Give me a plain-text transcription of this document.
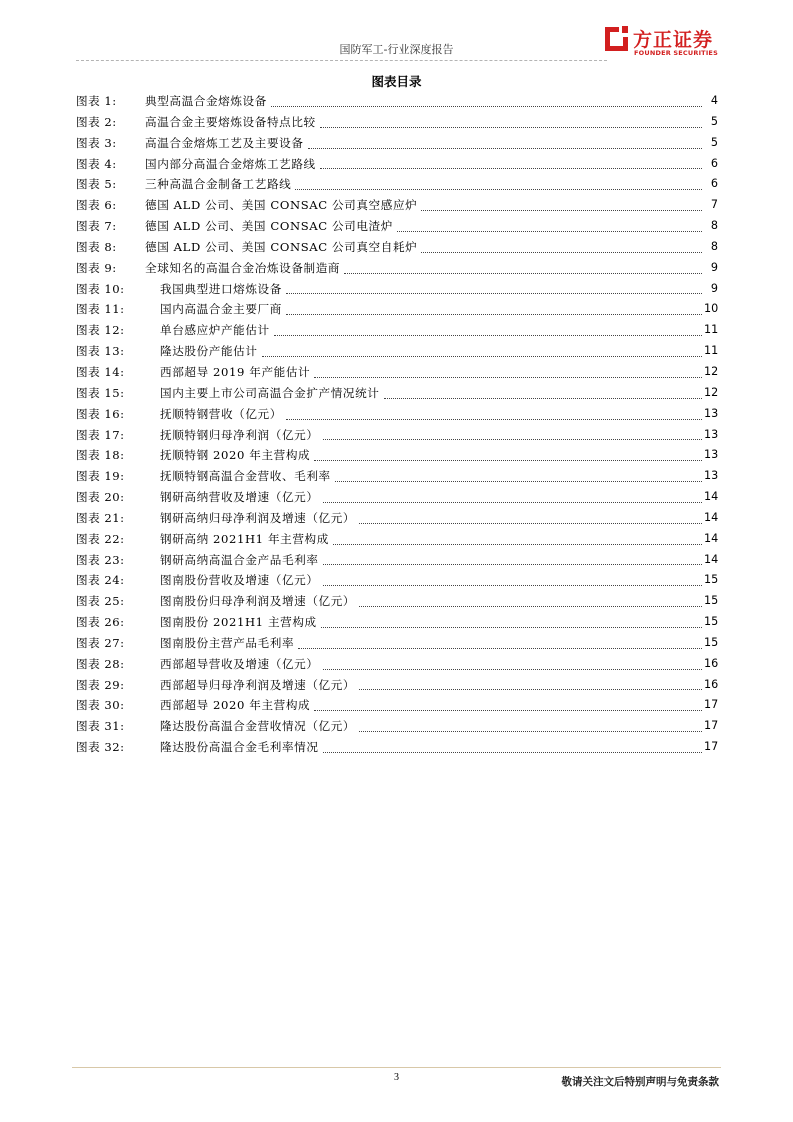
国防军工-行业深度报告	方正证券
FOUNDER SECURITIES
图表目录
图表 1: 典型高温合金熔炼设备	4
图表 2: 高温合金主要熔炼设备特点比较	5
图表 3: 高温合金熔炼工艺及主要设备	5
图表 4: 国内部分高温合金熔炼工艺路线	6
图表 5: 三种高温合金制备工艺路线	6
图表 6: 德国 ALD 公司、美国 CONSAC 公司真空感应炉	7
图表 7: 德国 ALD 公司、美国 CONSAC 公司电渣炉	8
图表 8: 德国 ALD 公司、美国 CONSAC 公司真空自耗炉	8
图表 9: 全球知名的高温合金冶炼设备制造商	9
图表 10:	我国典型进口熔炼设备	9
图表 11:	国内高温合金主要厂商	10
图表 12:	单台感应炉产能估计	11
图表 13:	隆达股份产能估计	11
图表 14:	西部超导 2019 年产能估计	12
图表 15:	国内主要上市公司高温合金扩产情况统计	12
图表 16:	抚顺特钢营收（亿元）	13
图表 17:	抚顺特钢归母净利润（亿元）	13
图表 18:	抚顺特钢 2020 年主营构成	13
图表 19:	抚顺特钢高温合金营收、毛利率	13
图表 20:	钢研高纳营收及增速（亿元）	14
图表 21:	钢研高纳归母净利润及增速（亿元）	14
图表 22:	钢研高纳 2021H1 年主营构成	14
图表 23:	钢研高纳高温合金产品毛利率	14
图表 24:	图南股份营收及增速（亿元）	15
图表 25:	图南股份归母净利润及增速（亿元）	15
图表 26:	图南股份 2021H1 主营构成	15
图表 27:	图南股份主营产品毛利率	15
图表 28:	西部超导营收及增速（亿元）	16
图表 29:	西部超导归母净利润及增速（亿元）	16
图表 30:	西部超导 2020 年主营构成	17
图表 31:	隆达股份高温合金营收情况（亿元）	17
图表 32:	隆达股份高温合金毛利率情况	17
3	敬请关注文后特别声明与免责条款
